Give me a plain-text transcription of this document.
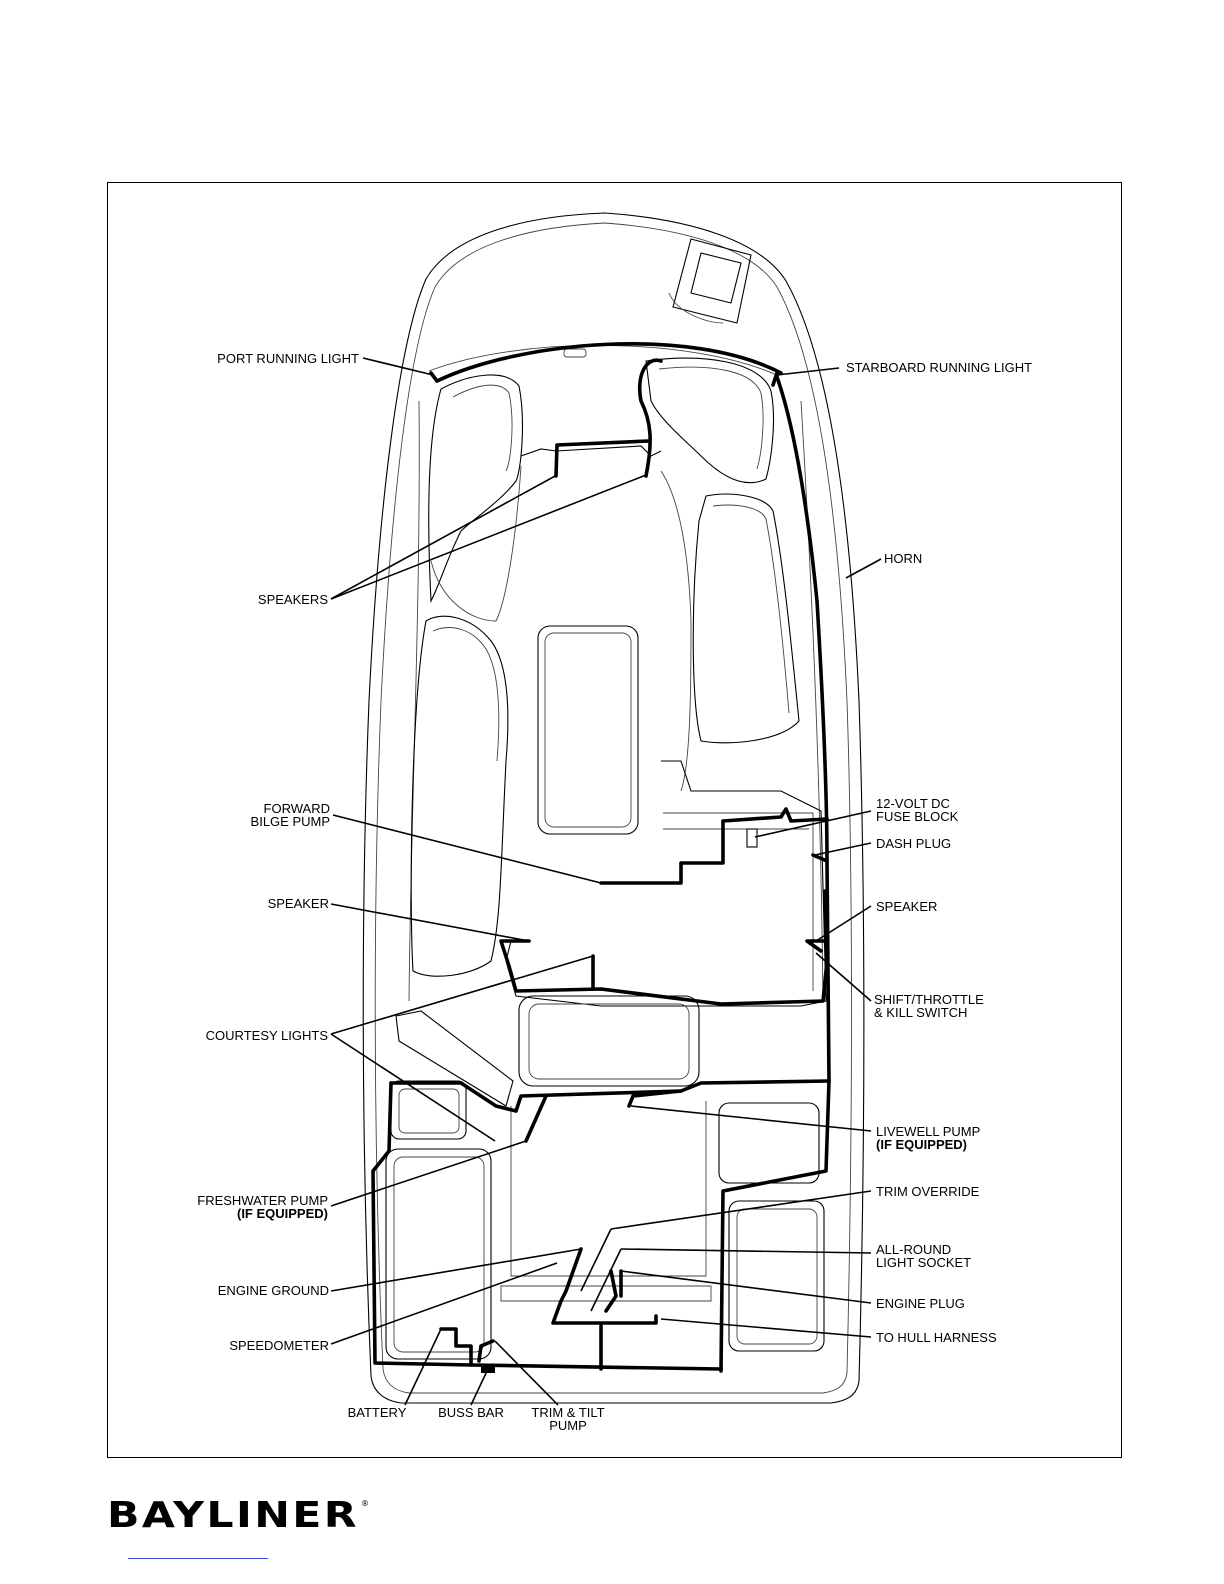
PORT RUNNING LIGHT
STARBOARD RUNNING LIGHT
SPEAKERS
HORN
FORWARD
BILGE PUMP
12-VOLT DC
FUSE BLOCK
DASH PLUG
SPEAKER	SPEAKER
SHIFT/THROTTLE
& KILL SWITCH
COURTESY LIGHTS
LIVEWELL PUMP
(IF EQUIPPED)
FRESHWATER PUMP
(IF EQUIPPED)
TRIM OVERRIDE
ALL-ROUND
LIGHT SOCKET
ENGINE GROUND
ENGINE PLUG
SPEEDOMETER
TO HULL HARNESS
BATTERY BUSS BAR TRIM & TILT
PUMP
BAYLINER ®
